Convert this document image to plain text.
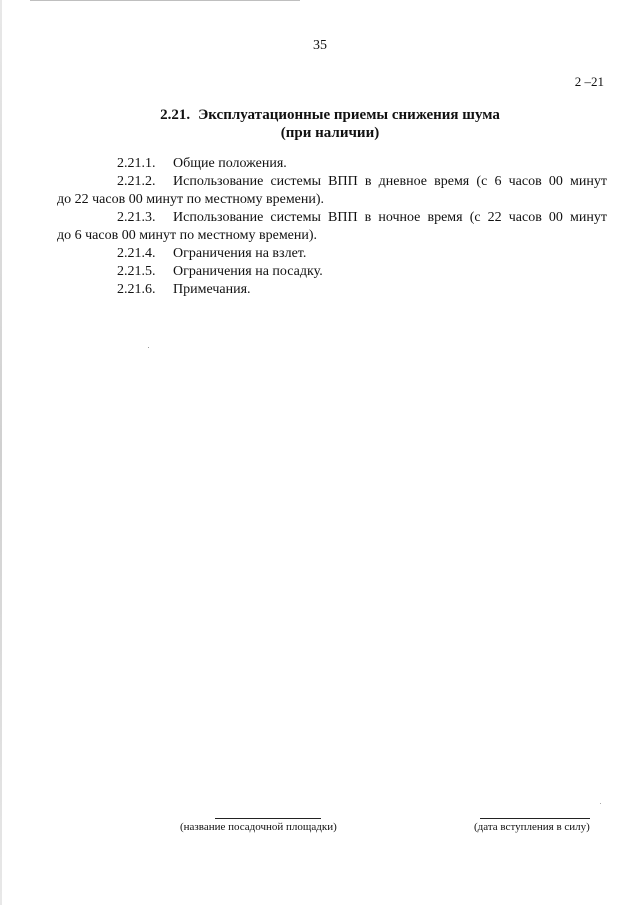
35
2 –21
2.21. Эксплуатационные приемы снижения шума
(при наличии)
2.21.1. Общие положения.
2.21.2. Использование системы ВПП в дневное время (с 6 часов 00 минут
до 22 часов 00 минут по местному времени).
2.21.3. Использование системы ВПП в ночное время (с 22 часов 00 минут
до 6 часов 00 минут по местному времени).
2.21.4. Ограничения на взлет.
2.21.5. Ограничения на посадку.
2.21.6. Примечания.
(название посадочной площадки)	(дата вступления в силу)
